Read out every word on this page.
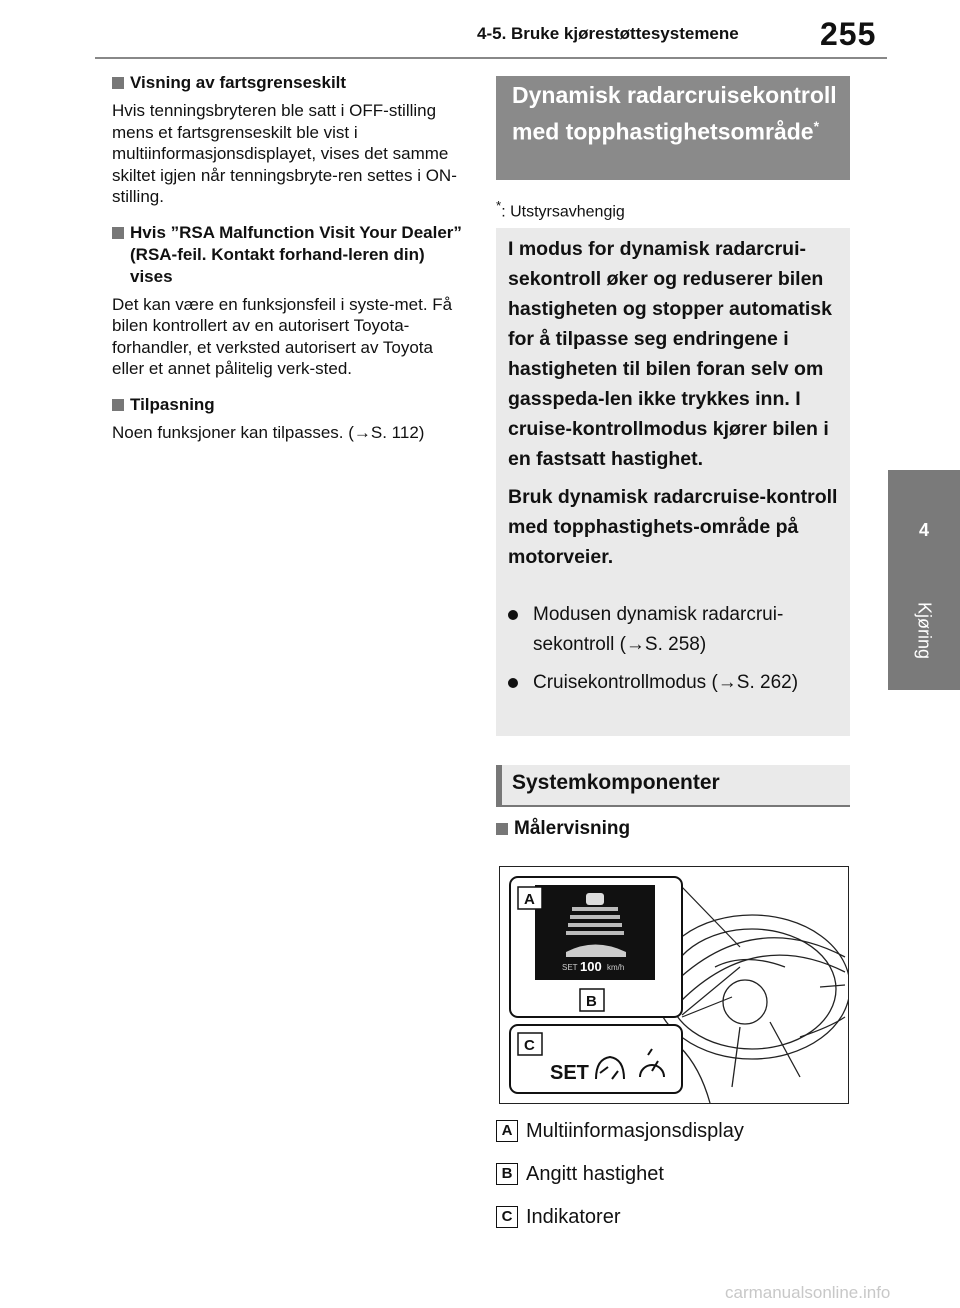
4-5. Bruke kjørestøttesystemene	255
4
Kjøring
Visning av fartsgrenseskilt
Hvis tenningsbryteren ble satt i OFF-stilling mens et fartsgrenseskilt ble vist i multiinformasjonsdisplayet, vises det samme skiltet igjen når tenningsbryte-ren settes i ON-stilling.
Hvis ”RSA Malfunction Visit Your Dealer” (RSA-feil. Kontakt forhand-leren din) vises
Det kan være en funksjonsfeil i syste-met. Få bilen kontrollert av en autorisert Toyota-forhandler, et verksted autorisert av Toyota eller et annet pålitelig verk-sted.
Tilpasning
Noen funksjoner kan tilpasses. (→S. 112)
Dynamisk radarcruisekontroll med topphastighetsområde*
*: Utstyrsavhengig
I modus for dynamisk radarcrui-sekontroll øker og reduserer bilen hastigheten og stopper automatisk for å tilpasse seg endringene i hastigheten til bilen foran selv om gasspeda-len ikke trykkes inn. I cruise-kontrollmodus kjører bilen i en fastsatt hastighet.
Bruk dynamisk radarcruise-kontroll med topphastighets-område på motorveier.
Modusen dynamisk radarcrui-sekontroll (→S. 258)
Cruisekontrollmodus (→S. 262)
Systemkomponenter
Målervisning
SET 100 km/h
SET
A
B
C
A Multiinformasjonsdisplay
B Angitt hastighet
C Indikatorer
carmanualsonline.info
